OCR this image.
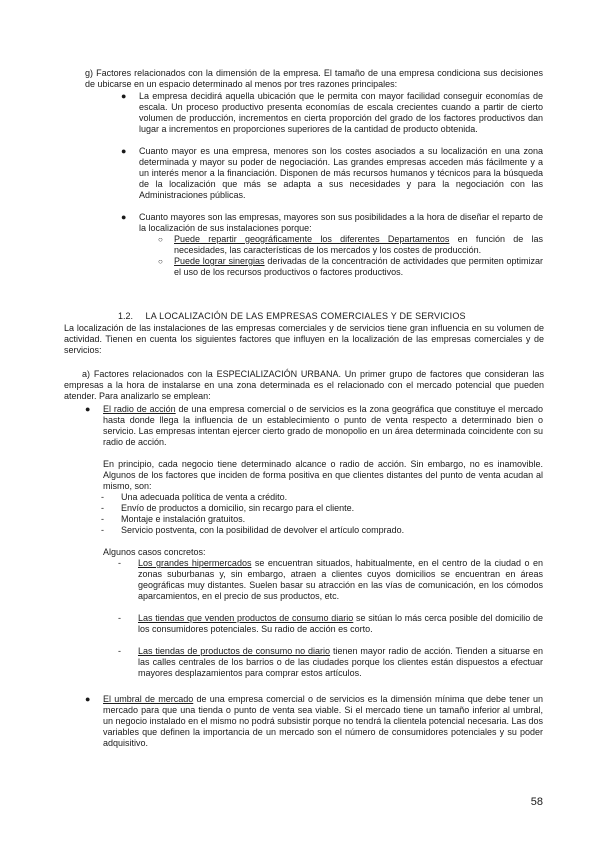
g) Factores relacionados con la dimensión de la empresa. El tamaño de una empresa condiciona sus decisiones de ubicarse en un espacio determinado al menos por tres razones principales:

● La empresa decidirá aquella ubicación que le permita con mayor facilidad conseguir economías de escala. Un proceso productivo presenta economías de escala crecientes cuando a partir de cierto volumen de producción, incrementos en cierta proporción del grado de los factores productivos dan lugar a incrementos en proporciones superiores de la cantidad de producto obtenida.
● Cuanto mayor es una empresa, menores son los costes asociados a su localización en una zona determinada y mayor su poder de negociación. Las grandes empresas acceden más fácilmente y a un interés menor a la financiación. Disponen de más recursos humanos y técnicos para la búsqueda de la localización que más se adapta a sus necesidades y para la negociación con las Administraciones públicas.
● Cuanto mayores son las empresas, mayores son sus posibilidades a la hora de diseñar el reparto de la localización de sus instalaciones porque:
○ Puede repartir geográficamente los diferentes Departamentos en función de las necesidades, las características de los mercados y los costes de producción.
○ Puede lograr sinergias derivadas de la concentración de actividades que permiten optimizar el uso de los recursos productivos o factores productivos.
1.2. LA LOCALIZACIÓN DE LAS EMPRESAS COMERCIALES Y DE SERVICIOS

La localización de las instalaciones de las empresas comerciales y de servicios tiene gran influencia en su volumen de actividad. Tienen en cuenta los siguientes factores que influyen en la localización de las empresas comerciales y de servicios:

a) Factores relacionados con la ESPECIALIZACIÓN URBANA. Un primer grupo de factores que consideran las empresas a la hora de instalarse en una zona determinada es el relacionado con el mercado potencial que pueden atender. Para analizarlo se emplean:

● El radio de acción de una empresa comercial o de servicios es la zona geográfica que constituye el mercado hasta donde llega la influencia de un establecimiento o punto de venta respecto a determinado bien o servicio. Las empresas intentan ejercer cierto grado de monopolio en un área determinada coincidente con su radio de acción.

En principio, cada negocio tiene determinado alcance o radio de acción. Sin embargo, no es inamovible. Algunos de los factores que inciden de forma positiva en que clientes distantes del punto de venta acudan al mismo, son:

- Una adecuada política de venta a crédito.
- Envío de productos a domicilio, sin recargo para el cliente.
- Montaje e instalación gratuitos.
- Servicio postventa, con la posibilidad de devolver el artículo comprado.

Algunos casos concretos:

- Los grandes hipermercados se encuentran situados, habitualmente, en el centro de la ciudad o en zonas suburbanas y, sin embargo, atraen a clientes cuyos domicilios se encuentran en áreas geográficas muy distantes. Suelen basar su atracción en las vías de comunicación, en los cómodos aparcamientos, en el precio de sus productos, etc.
- Las tiendas que venden productos de consumo diario se sitúan lo más cerca posible del domicilio de los consumidores potenciales. Su radio de acción es corto.
- Las tiendas de productos de consumo no diario tienen mayor radio de acción. Tienden a situarse en las calles centrales de los barrios o de las ciudades porque los clientes están dispuestos a efectuar mayores desplazamientos para comprar estos artículos.
● El umbral de mercado de una empresa comercial o de servicios es la dimensión mínima que debe tener un mercado para que una tienda o punto de venta sea viable. Si el mercado tiene un tamaño inferior al umbral, un negocio instalado en el mismo no podrá subsistir porque no tendrá la clientela potencial necesaria. Las dos variables que definen la importancia de un mercado son el número de consumidores potenciales y su poder adquisitivo.
58
